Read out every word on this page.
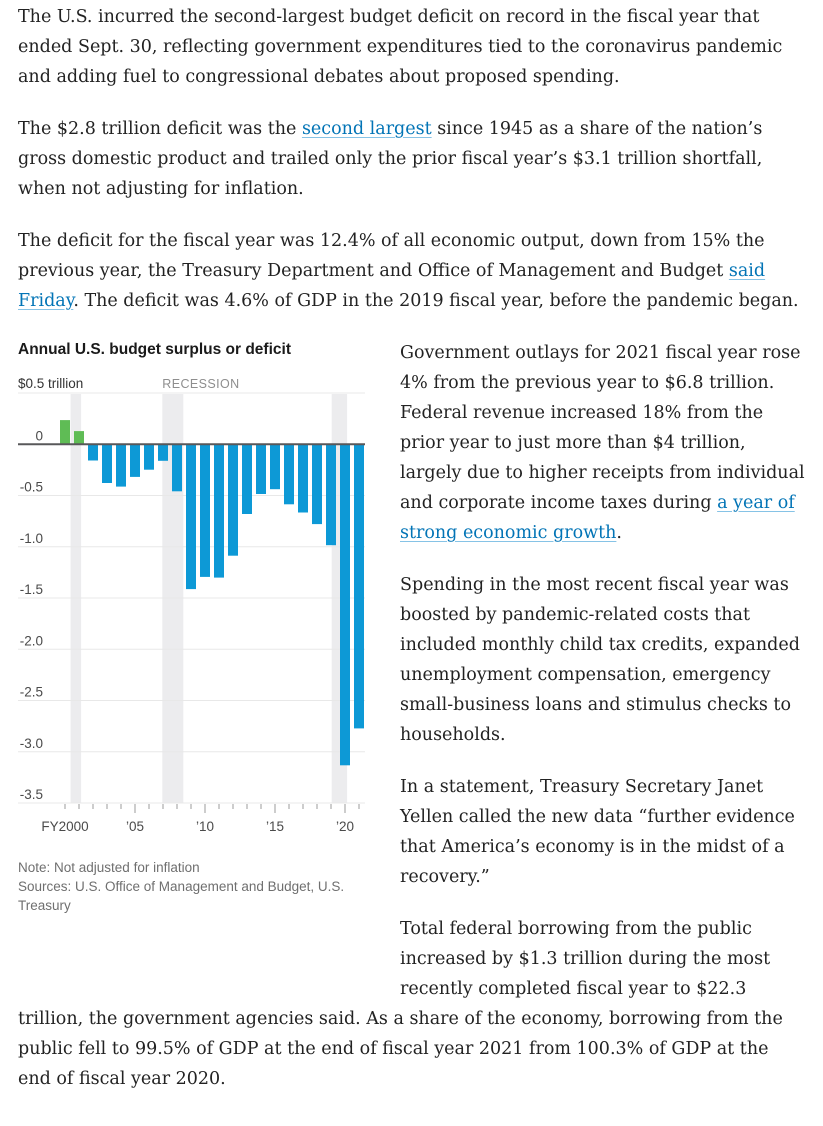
The U.S. incurred the second-largest budget deficit on record in the fiscal year that ended Sept. 30, reflecting government expenditures tied to the coronavirus pandemic and adding fuel to congressional debates about proposed spending.

The $2.8 trillion deficit was the second largest since 1945 as a share of the nation’s gross domestic product and trailed only the prior fiscal year’s $3.1 trillion shortfall, when not adjusting for inflation.

The deficit for the fiscal year was 12.4% of all economic output, down from 15% the previous year, the Treasury Department and Office of Management and Budget said Friday. The deficit was 4.6% of GDP in the 2019 fiscal year, before the pandemic began.

Annual U.S. budget surplus or deficit
$0.5 trillion	RECESSION
0
-0.5
-1.0
-1.5
-2.0
-2.5
-3.0
-3.5
FY2000	’05	’10	’15	’20

Note: Not adjusted for inflation

Sources: U.S. Office of Management and Budget, U.S. Treasury

Government outlays for 2021 fiscal year rose 4% from the previous year to $6.8 trillion. Federal revenue increased 18% from the prior year to just more than $4 trillion, largely due to higher receipts from individual and corporate income taxes during a year of strong economic growth.

Spending in the most recent fiscal year was boosted by pandemic-related costs that included monthly child tax credits, expanded unemployment compensation, emergency small-business loans and stimulus checks to households.

In a statement, Treasury Secretary Janet Yellen called the new data “further evidence that America’s economy is in the midst of a recovery.”

Total federal borrowing from the public increased by $1.3 trillion during the most recently completed fiscal year to $22.3 trillion, the government agencies said. As a share of the economy, borrowing from the public fell to 99.5% of GDP at the end of fiscal year 2021 from 100.3% of GDP at the end of fiscal year 2020.
